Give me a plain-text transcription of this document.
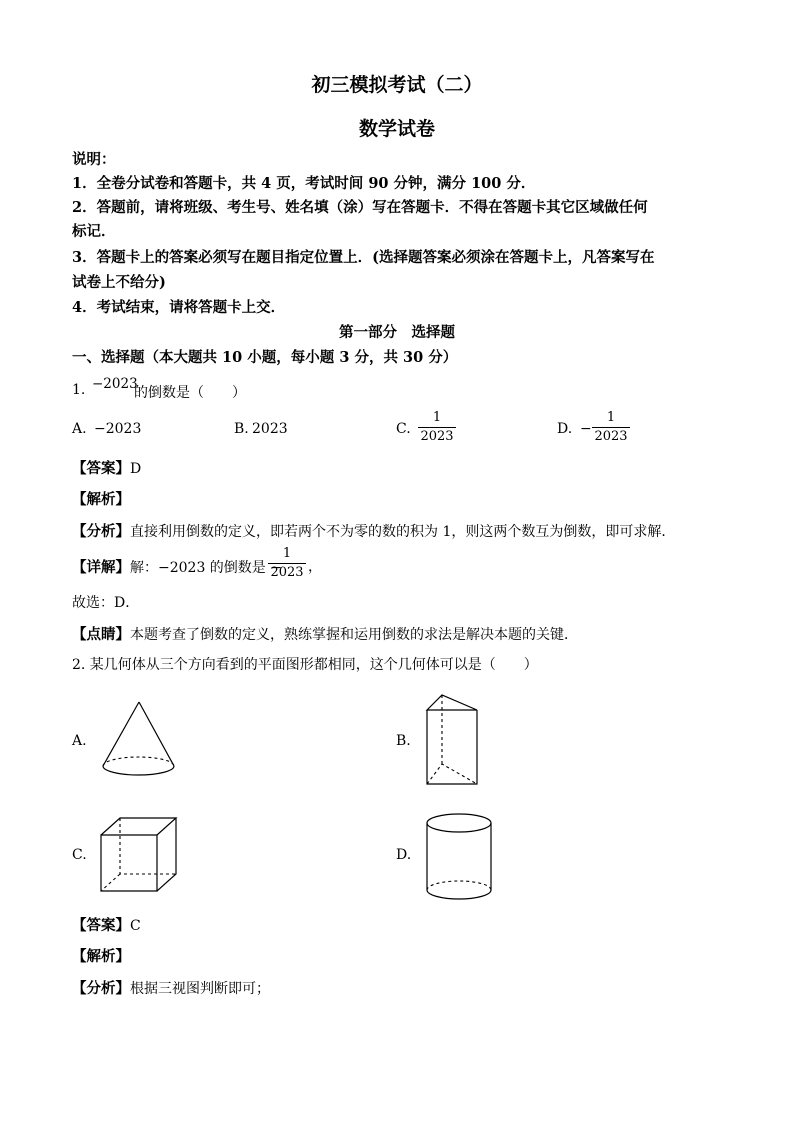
初三模拟考试（二）
数学试卷
说明：
1．全卷分试卷和答题卡，共 4 页，考试时间 90 分钟，满分 100 分．
2．答题前，请将班级、考生号、姓名填（涂）写在答题卡．不得在答题卡其它区域做任何
标记．
3．答题卡上的答案必须写在题目指定位置上．(选择题答案必须涂在答题卡上，凡答案写在
试卷上不给分)
4．考试结束，请将答题卡上交．
第一部分　选择题
一、选择题（本大题共 10 小题，每小题 3 分，共 30 分）
1. −2023
的倒数是（　　）
A. −2023	B. 2023	C.
1
2023	D. −
1
2023
【答案】D
【解析】
【分析】直接利用倒数的定义，即若两个不为零的数的积为 1，则这两个数互为倒数，即可求解．
【详解】解：−2023 的倒数是 −
1
2023 ，
故选：D．
【点睛】本题考查了倒数的定义，熟练掌握和运用倒数的求法是解决本题的关键．
2. 某几何体从三个方向看到的平面图形都相同，这个几何体可以是（　　）
A.	B.
C.	D.
【答案】C
【解析】
【分析】根据三视图判断即可；
